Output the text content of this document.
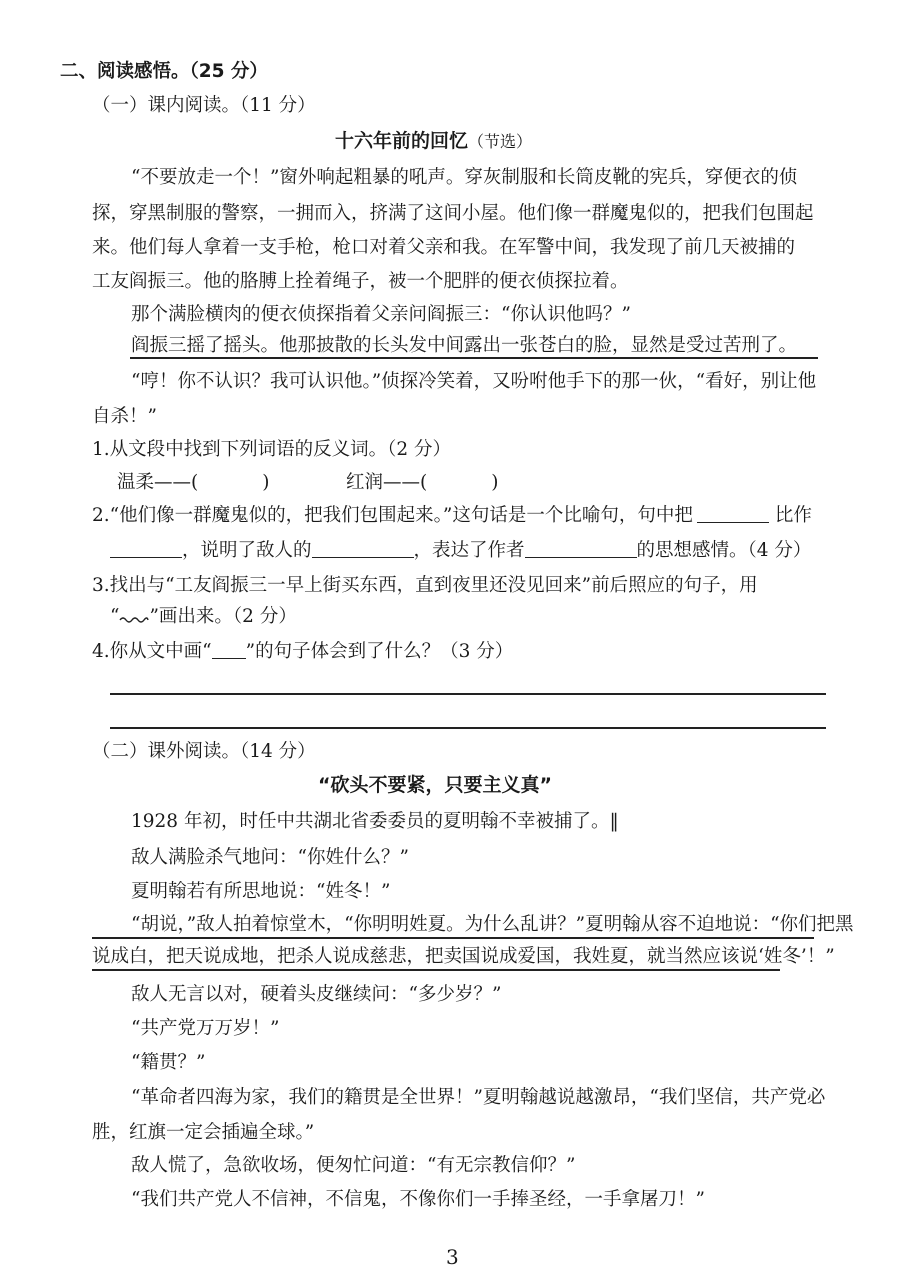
二、阅读感悟。（25 分）
（一）课内阅读。（11 分）
十六年前的回忆（节选）
“不要放走一个！”窗外响起粗暴的吼声。穿灰制服和长筒皮靴的宪兵，穿便衣的侦
探，穿黑制服的警察，一拥而入，挤满了这间小屋。他们像一群魔鬼似的，把我们包围起
来。他们每人拿着一支手枪，枪口对着父亲和我。在军警中间，我发现了前几天被捕的
工友阎振三。他的胳膊上拴着绳子，被一个肥胖的便衣侦探拉着。
那个满脸横肉的便衣侦探指着父亲问阎振三：“你认识他吗？”
阎振三摇了摇头。他那披散的长头发中间露出一张苍白的脸，显然是受过苦刑了。
“哼！你不认识？我可认识他。”侦探冷笑着，又吩咐他手下的那一伙，“看好，别让他
自杀！”
1.从文段中找到下列词语的反义词。（2 分）
温柔——(	)	红润——(	)
2.“他们像一群魔鬼似的，把我们包围起来。”这句话是一个比喻句，句中把	比作
，说明了敌人的	，表达了作者	的思想感情。（4 分）
3.找出与“工友阎振三一早上街买东西，直到夜里还没见回来”前后照应的句子，用
“ ”画出来。（2 分）
4.你从文中画“ ”的句子体会到了什么？（3 分）
（二）课外阅读。（14 分）
“砍头不要紧，只要主义真”
1928 年初，时任中共湖北省委委员的夏明翰不幸被捕了。‖
敌人满脸杀气地问：“你姓什么？”
夏明翰若有所思地说：“姓冬！”
“胡说，”敌人拍着惊堂木，“你明明姓夏。为什么乱讲？”夏明翰从容不迫地说：“你们把黑
说成白，把天说成地，把杀人说成慈悲，把卖国说成爱国，我姓夏，就当然应该说‘姓冬’！”
敌人无言以对，硬着头皮继续问：“多少岁？”
“共产党万万岁！”
“籍贯？”
“革命者四海为家，我们的籍贯是全世界！”夏明翰越说越激昂，“我们坚信，共产党必
胜，红旗一定会插遍全球。”
敌人慌了，急欲收场，便匆忙问道：“有无宗教信仰？”
“我们共产党人不信神，不信鬼，不像你们一手捧圣经，一手拿屠刀！”
3
